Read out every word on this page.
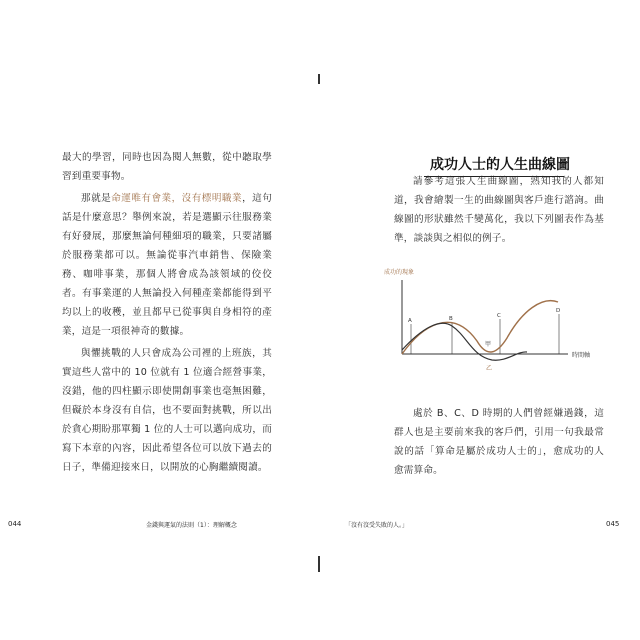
最大的學習，同時也因為閱人無數，從中聽取學習到重要事物。

那就是命運唯有會業，沒有標明職業，這句話是什麼意思？舉例來說，若是選顯示往服務業有好發展，那麼無論何種細項的職業，只要諸屬於服務業都可以。無論從事汽車銷售、保險業務、咖啡事業，那個人將會成為該領域的佼佼者。有事業運的人無論投入何種產業都能得到平均以上的收穫，並且都早已從事與自身相符的產業，這是一項很神奇的數據。

與懼挑戰的人只會成為公司裡的上班族，其實這些人當中的 10 位就有 1 位適合經營事業，沒錯，他的四柱顯示即使開創事業也毫無困難，但礙於本身沒有自信，也不要面對挑戰，所以出於貪心期盼那單獨 1 位的人士可以邁向成功，而寫下本章的內容，因此希望各位可以放下過去的日子，準備迎接來日，以開放的心胸繼續閱讀。

成功人士的人生曲線圖

請參考這張人生曲線圖，熟知我的人都知道，我會繪製一生的曲線圖與客戶進行諮詢。曲線圖的形狀雖然千變萬化，我以下列圖表作為基準，談談與之相似的例子。

成功的現象
時間軸
A	B	C
D
甲
乙

處於 B、C、D 時期的人們曾經嫌過錢，這群人也是主要前來我的客戶們，引用一句我最常說的話「算命是屬於成功人士的」，愈成功的人愈需算命。

044	金錢與運氣的法則（1）：理解概念	「沒有沒受失敗的人。」	045
